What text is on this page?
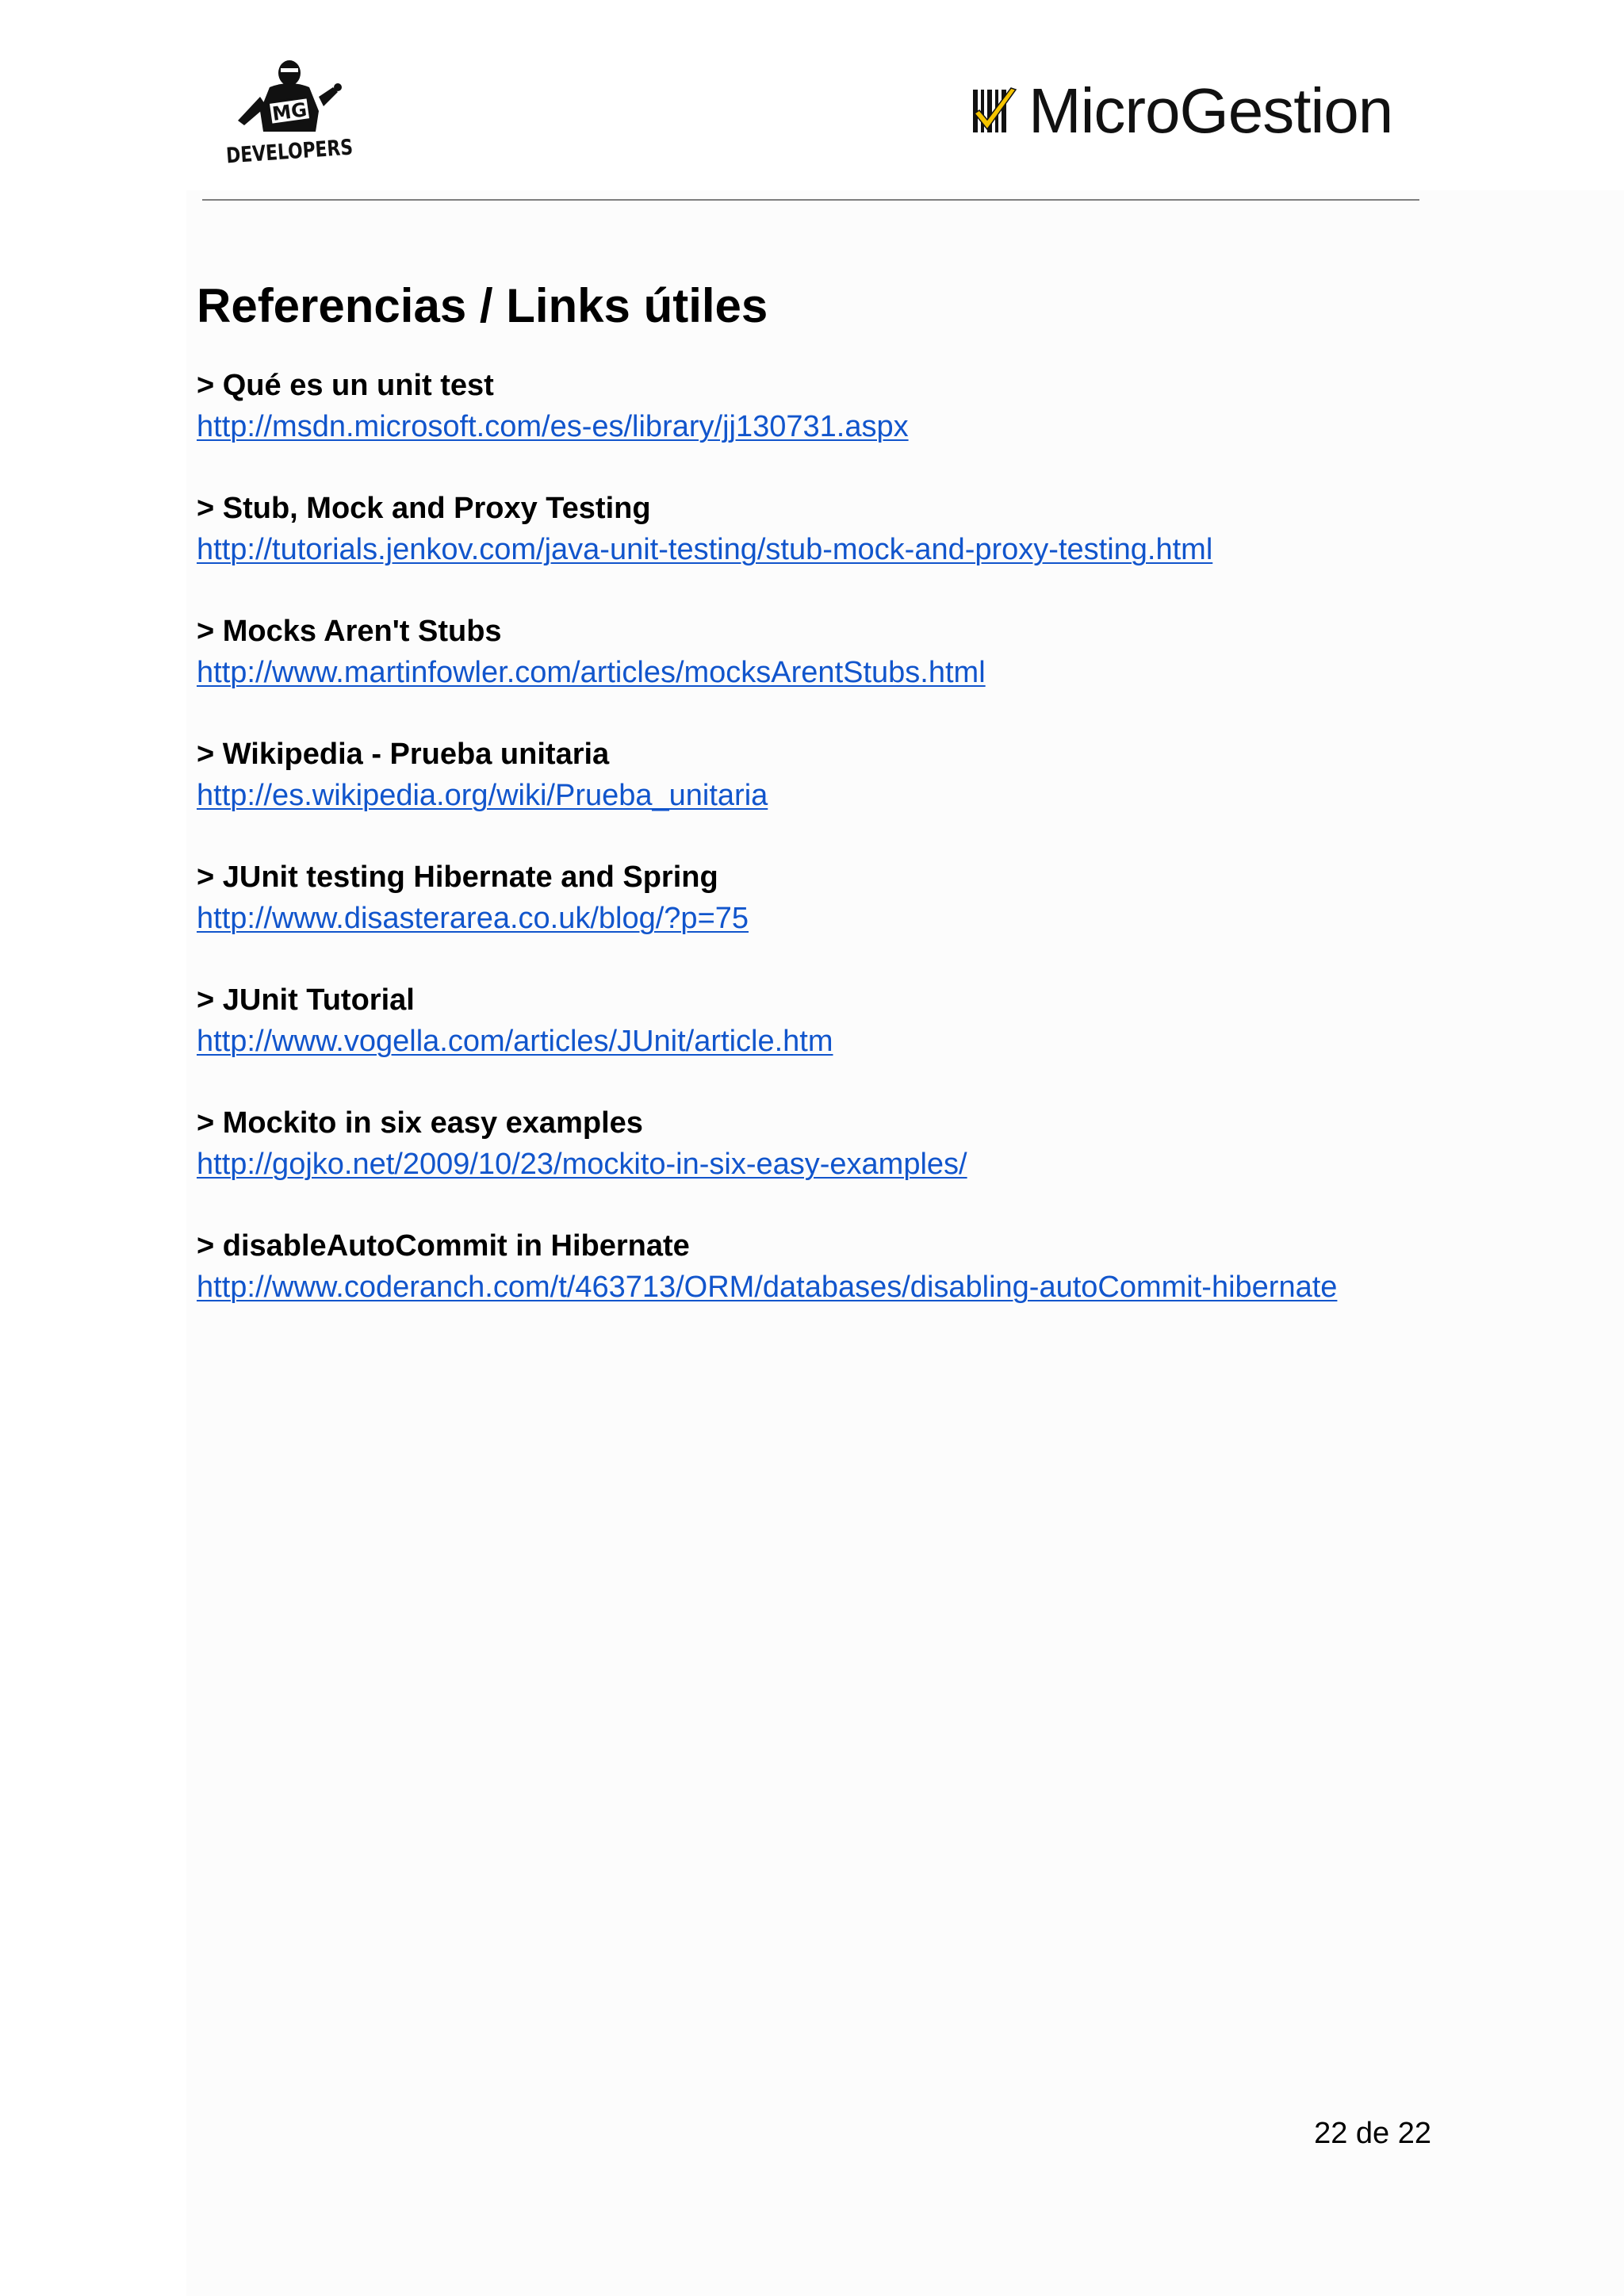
MG
DEVELOPERS
MicroGestion
Referencias / Links útiles

> Qué es un unit test

http://msdn.microsoft.com/es-es/library/jj130731.aspx

> Stub, Mock and Proxy Testing

http://tutorials.jenkov.com/java-unit-testing/stub-mock-and-proxy-testing.html

> Mocks Aren't Stubs

http://www.martinfowler.com/articles/mocksArentStubs.html

> Wikipedia - Prueba unitaria

http://es.wikipedia.org/wiki/Prueba_unitaria

> JUnit testing Hibernate and Spring

http://www.disasterarea.co.uk/blog/?p=75

> JUnit Tutorial

http://www.vogella.com/articles/JUnit/article.htm

> Mockito in six easy examples

http://gojko.net/2009/10/23/mockito-in-six-easy-examples/

> disableAutoCommit in Hibernate

http://www.coderanch.com/t/463713/ORM/databases/disabling-autoCommit-hibernate
22 de 22
